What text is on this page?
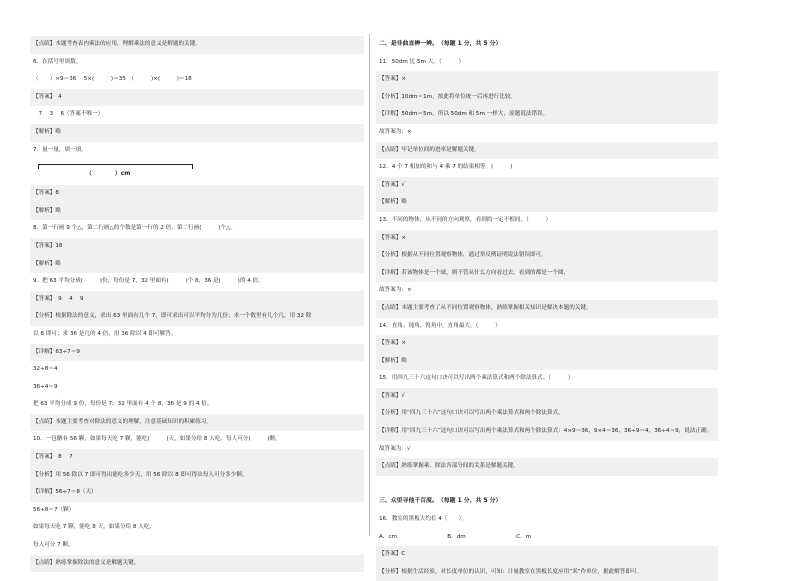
【点睛】本题考查表内乘法的应用，理解乘法的意义是解题的关键。
6．在括号里填数。
（　　）×9＝36　 5×(　　　)＝35　（　　　)×(　　　)＝18
【答案】　4
　7　 3　 6（答案不唯一）
【解析】略
7．量一量，填一填。
（　　　　）cm
【答案】8
【解析】略
8．第一行画 9 个△，第二行画△的个数是第一行的 2 倍，第二行画(　　　)个△。
【答案】18
【解析】略
9．把 63 平均分成(　　　)份，每份是 7，32 里面有(　　　)个 8，36 是(　　　)的 4 倍。
【答案】　9　 4　 9
【分析】根据除法的意义，求出 63 里面有几个 7，即可求出可以平均分为几份；求一个数里有几个几，用 32 除
以 8 即可；求 36 是几的 4 倍，用 36 除以 4 即可解答。
【详解】63÷7＝9
32÷8＝4
36÷4＝9
把 63 平均分成 9 份，每份是 7，32 里面有 4 个 8，36 是 9 的 4 倍。
【点睛】本题主要考查对除法的意义的理解，注意基础知识的积累练习。
10．一包糖有 56 颗，如果每天吃 7 颗，能吃(　　　)天，如果分给 8 人吃，每人可分(　　　)颗。
【答案】　8　 7
【分析】用 56 除以 7 即可得出能吃多少天，用 56 除以 8 即可得出每人可分多少颗。
【详解】56÷7＝8（天）
56÷8＝7（颗）
如果每天吃 7 颗，能吃 8 天，如果分给 8 人吃，
每人可分 7 颗。
【点睛】熟练掌握除法的意义是解题关键。
二、是非曲直辨一辨。（每题 1 分，共 5 分）
11．50dm 比 5m 大。（　　　）
【答案】×
【分析】10dm＝1m，按此将单位统一后再进行比较。
【详解】50dm＝5m，所以 50dm 和 5m 一样大，原题说法错误。
故答案为：×
【点睛】牢记单位间的进率是解题关键。
12．4 个 7 相加的和与 4 乘 7 的结果相等。(　　　)
【答案】√
【解析】略
13．不同的物体，从不同的方向观察，看到的一定不相同。（　　　）
【答案】×
【分析】根据从不同位置观察物体，通过举反例证明说法错误即可。
【详解】若该物体是一个球，则不管从什么方向看过去，看到的都是一个圆，
故答案为：×
【点睛】本题主要考查了从不同位置观察物体，熟练掌握相关知识是解决本题的关键。
14．直角、钝角、锐角中，直角最大。（　　　）
【答案】×
【解析】略
15．用四九三十六这句口诀可以写出两个乘法算式和两个除法算式。（　　　）
【答案】√
【分析】用“四九三十六”这句口诀可以写出两个乘法算式和两个除法算式。
【详解】用“四九三十六”这句口诀可以写出两个乘法算式和两个除法算式：4×9＝36，9×4＝36，36÷9＝4，36÷4＝9，说法正确。
故答案为：√
【点睛】熟练掌握乘、除法各部分间的关系是解题关键。
三、众里寻他千百度。（每题 1 分，共 5 分）
16．教室的黑板大约长 4（　　）。
A．cm　　　　　　　　　B．dm　　　　　　　　　C．m
【答案】C
【分析】根据生活经验，对长度单位的认识，可知：计量教室在黑板长度应用“米”作单位，据此解答即可。
